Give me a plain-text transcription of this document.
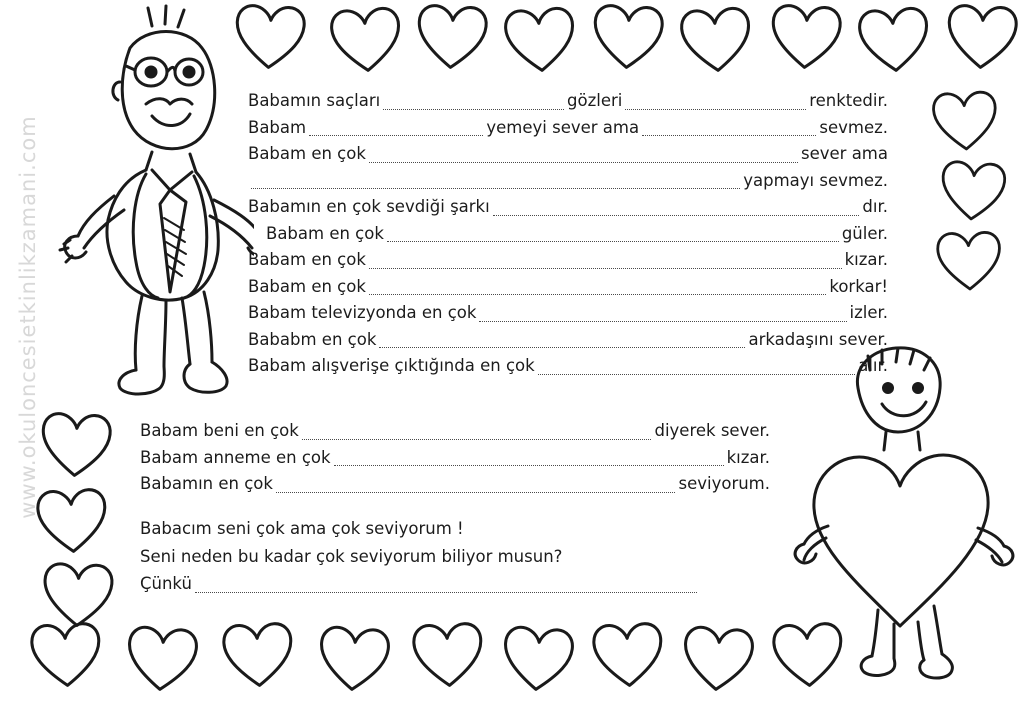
www.okuloncesietkinlikzamani.com
Babamın saçları	gözleri	renktedir.
Babam	yemeyi sever ama	sevmez.
Babam en çok	sever ama
yapmayı sevmez.
Babamın en çok sevdiği şarkı	dır.
Babam en çok	güler.
Babam en çok	kızar.
Babam en çok	korkar!
Babam televizyonda en çok	izler.
Bababm en çok	arkadaşını sever.
Babam alışverişe çıktığında en çok	alır.
Babam beni en çok	diyerek sever.
Babam anneme en çok	kızar.
Babamın en çok	seviyorum.
Babacım seni çok ama çok seviyorum !
Seni neden bu kadar çok seviyorum biliyor musun?
Çünkü
